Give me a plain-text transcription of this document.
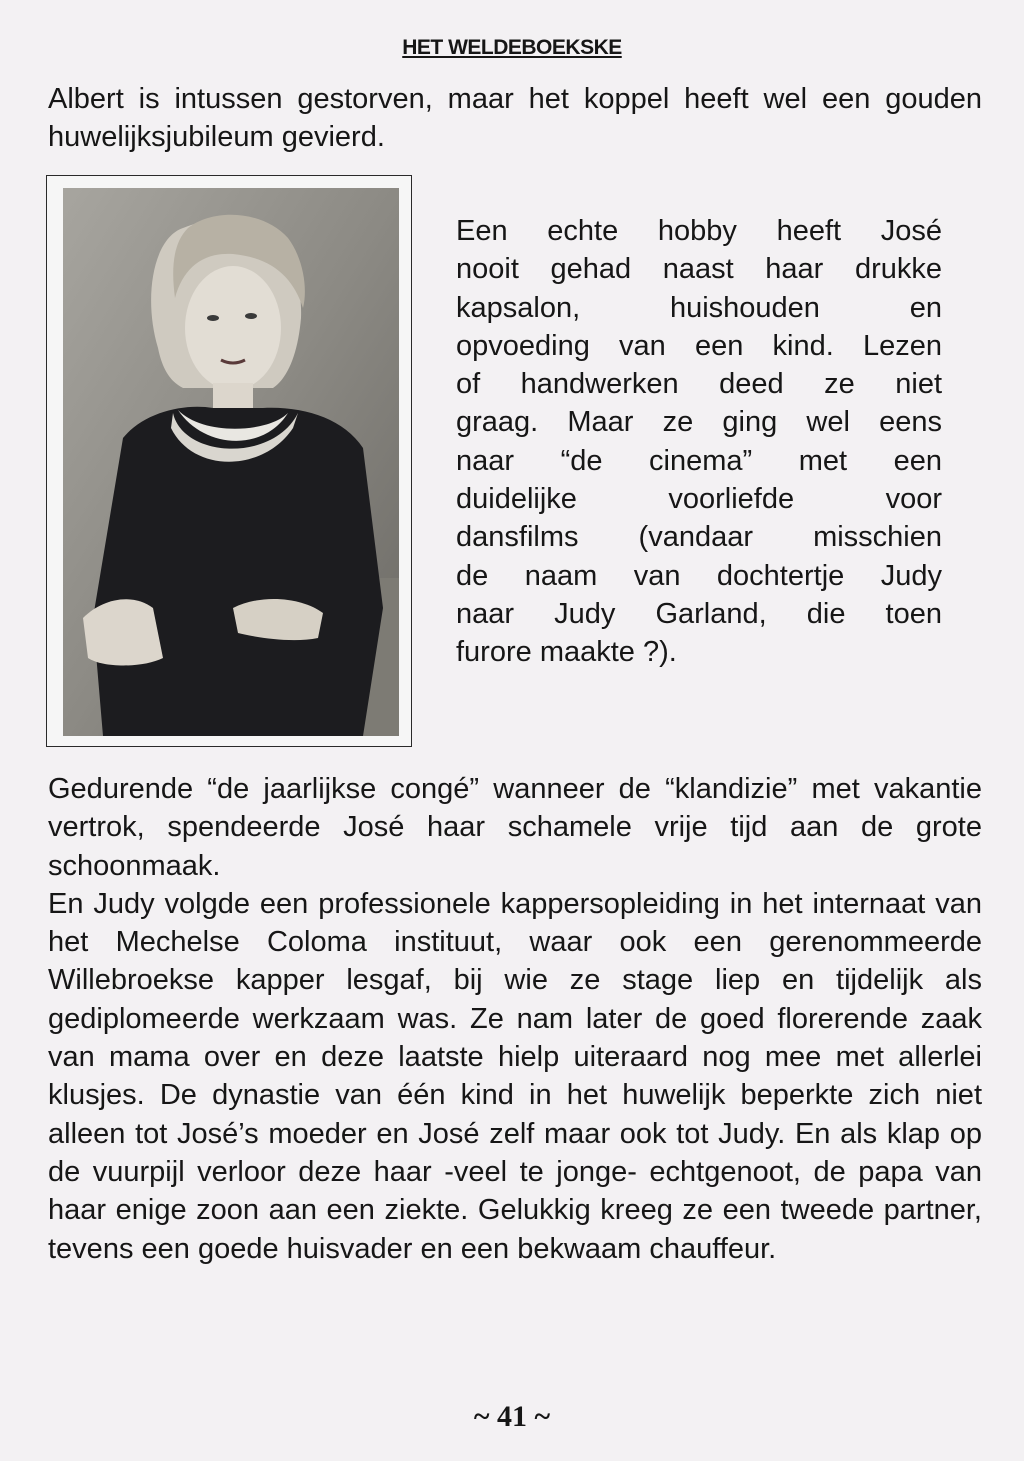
HET WELDEBOEKSKE
Albert is intussen gestorven, maar het koppel heeft wel een gouden huwelijksjubileum gevierd.
Een echte hobby heeft José
nooit gehad naast haar drukke
kapsalon, huishouden en
opvoeding van een kind. Lezen
of handwerken deed ze niet
graag. Maar ze ging wel eens
naar “de cinema” met een
duidelijke voorliefde voor
dansfilms (vandaar misschien
de naam van dochtertje Judy
naar Judy Garland, die toen
furore maakte ?).
Gedurende “de jaarlijkse congé” wanneer de “klandizie” met vakantie vertrok, spendeerde José haar schamele vrije tijd aan de grote schoonmaak.
En Judy volgde een professionele kappersopleiding in het internaat van het Mechelse Coloma instituut, waar ook een gerenommeerde Willebroekse kapper lesgaf, bij wie ze stage liep en tijdelijk als gediplomeerde werkzaam was. Ze nam later de goed florerende zaak van mama over en deze laatste hielp uiteraard nog mee met allerlei klusjes. De dynastie van één kind in het huwelijk beperkte zich niet alleen tot José’s moeder en José zelf maar ook tot Judy. En als klap op de vuurpijl verloor deze haar -veel te jonge- echtgenoot, de papa van haar enige zoon aan een ziekte. Gelukkig kreeg ze een tweede partner, tevens een goede huisvader en een bekwaam chauffeur.
~ 41 ~
